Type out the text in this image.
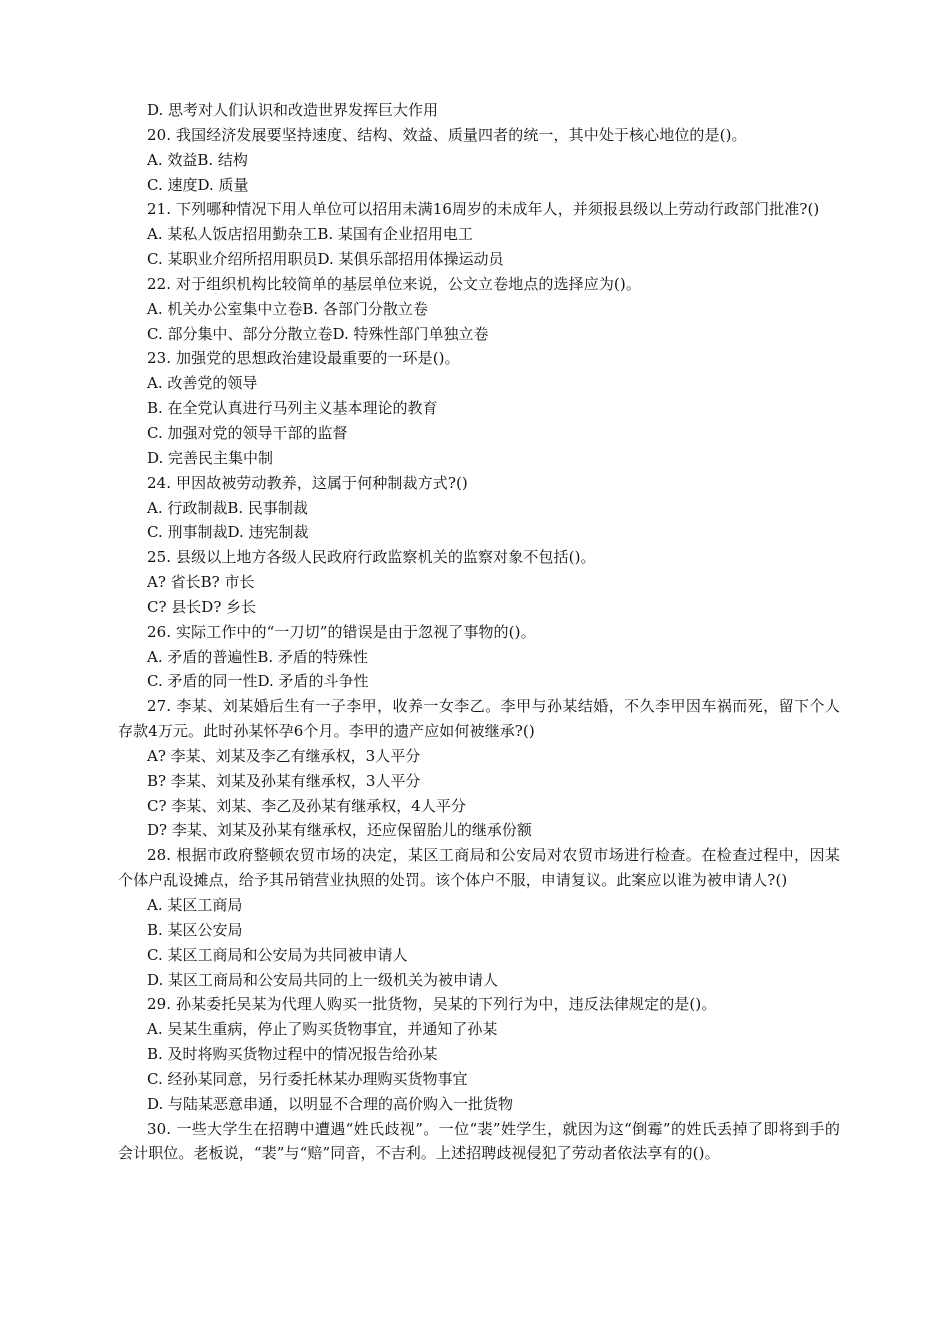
D. 思考对人们认识和改造世界发挥巨大作用
20. 我国经济发展要坚持速度、结构、效益、质量四者的统一，其中处于核心地位的是()。
A. 效益B. 结构
C. 速度D. 质量
21. 下列哪种情况下用人单位可以招用未满16周岁的未成年人，并须报县级以上劳动行政部门批准?()
A. 某私人饭店招用勤杂工B. 某国有企业招用电工
C. 某职业介绍所招用职员D. 某俱乐部招用体操运动员
22. 对于组织机构比较简单的基层单位来说，公文立卷地点的选择应为()。
A. 机关办公室集中立卷B. 各部门分散立卷
C. 部分集中、部分分散立卷D. 特殊性部门单独立卷
23. 加强党的思想政治建设最重要的一环是()。
A. 改善党的领导
B. 在全党认真进行马列主义基本理论的教育
C. 加强对党的领导干部的监督
D. 完善民主集中制
24. 甲因故被劳动教养，这属于何种制裁方式?()
A. 行政制裁B. 民事制裁
C. 刑事制裁D. 违宪制裁
25. 县级以上地方各级人民政府行政监察机关的监察对象不包括()。
A? 省长B? 市长
C? 县长D? 乡长
26. 实际工作中的“一刀切”的错误是由于忽视了事物的()。
A. 矛盾的普遍性B. 矛盾的特殊性
C. 矛盾的同一性D. 矛盾的斗争性
27. 李某、刘某婚后生有一子李甲，收养一女李乙。李甲与孙某结婚，不久李甲因车祸而死，留下个人存款4万元。此时孙某怀孕6个月。李甲的遗产应如何被继承?()
A? 李某、刘某及李乙有继承权，3人平分
B? 李某、刘某及孙某有继承权，3人平分
C? 李某、刘某、李乙及孙某有继承权，4人平分
D? 李某、刘某及孙某有继承权，还应保留胎儿的继承份额
28. 根据市政府整顿农贸市场的决定，某区工商局和公安局对农贸市场进行检查。在检查过程中，因某个体户乱设摊点，给予其吊销营业执照的处罚。该个体户不服，申请复议。此案应以谁为被申请人?()
A. 某区工商局
B. 某区公安局
C. 某区工商局和公安局为共同被申请人
D. 某区工商局和公安局共同的上一级机关为被申请人
29. 孙某委托吴某为代理人购买一批货物，吴某的下列行为中，违反法律规定的是()。
A. 吴某生重病，停止了购买货物事宜，并通知了孙某
B. 及时将购买货物过程中的情况报告给孙某
C. 经孙某同意，另行委托林某办理购买货物事宜
D. 与陆某恶意串通，以明显不合理的高价购入一批货物
30. 一些大学生在招聘中遭遇“姓氏歧视”。一位“裴”姓学生，就因为这“倒霉”的姓氏丢掉了即将到手的会计职位。老板说，“裴”与“赔”同音，不吉利。上述招聘歧视侵犯了劳动者依法享有的()。
